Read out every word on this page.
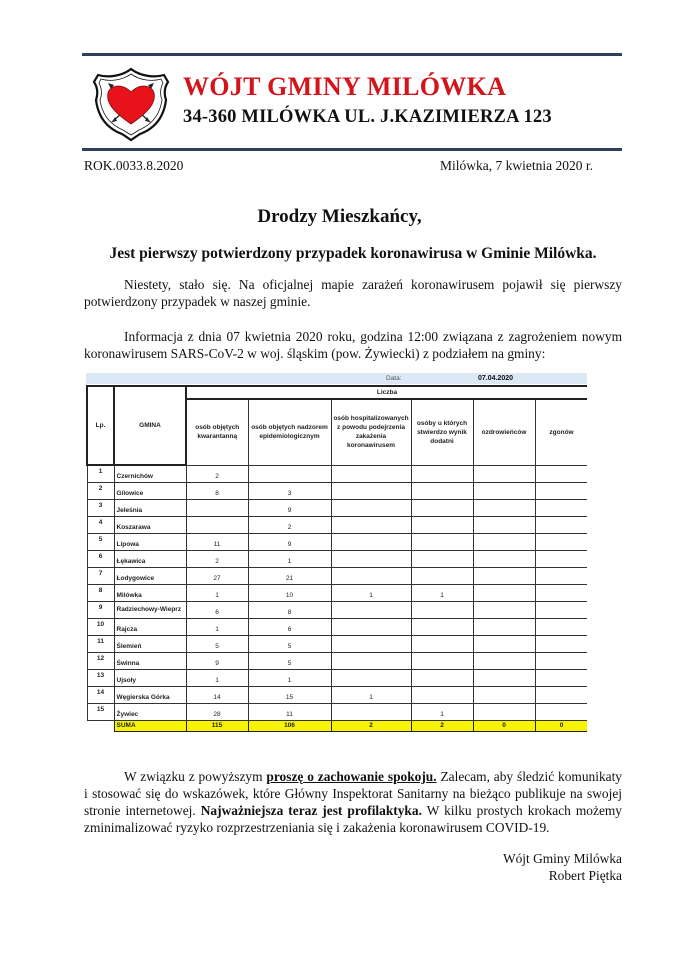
WÓJT GMINY MILÓWKA
34-360 MILÓWKA UL. J.KAZIMIERZA 123
ROK.0033.8.2020	Milówka, 7 kwietnia 2020 r.
Drodzy Mieszkańcy,
Jest pierwszy potwierdzony przypadek koronawirusa w Gminie Milówka.
Niestety, stało się. Na oficjalnej mapie zarażeń koronawirusem pojawił się pierwszy potwierdzony przypadek w naszej gminie.
Informacja z dnia 07 kwietnia 2020 roku, godzina 12:00 związana z zagrożeniem nowym koronawirusem SARS-CoV-2 w woj. śląskim (pow. Żywiecki) z podziałem na gminy:
Data:	07.04.2020
Lp.	GMINA	Liczba					
		osób objętych kwarantanną	osób objętych nadzorem epidemiologicznym	osób hospitalizowanych z powodu podejrzenia zakażenia koronawirusem	osóby u których stwierdzo wynik dodatni	ozdrowieńców	zgonów
1	Czernichów	2					
2	Gilowice	8	3				
3	Jeleśnia		9				
4	Koszarawa		2				
5	Lipowa	11	9				
6	Łękawica	2	1				
7	Łodygowice	27	21				
8	Milówka	1	10	1	1		
9	Radziechowy-Wieprz	6	8				
10	Rajcza	1	6				
11	Ślemień	5	5				
12	Świnna	9	5				
13	Ujsoły	1	1				
14	Węgierska Górka	14	15	1			
15	Żywiec	28	11		1		
	SUMA	115	106	2	2	0	0
W związku z powyższym proszę o zachowanie spokoju. Zalecam, aby śledzić komunikaty i stosować się do wskazówek, które Główny Inspektorat Sanitarny na bieżąco publikuje na swojej stronie internetowej. Najważniejsza teraz jest profilaktyka. W kilku prostych krokach możemy zminimalizować ryzyko rozprzestrzeniania się i zakażenia koronawirusem COVID-19.
Wójt Gminy Milówka
Robert Piętka
